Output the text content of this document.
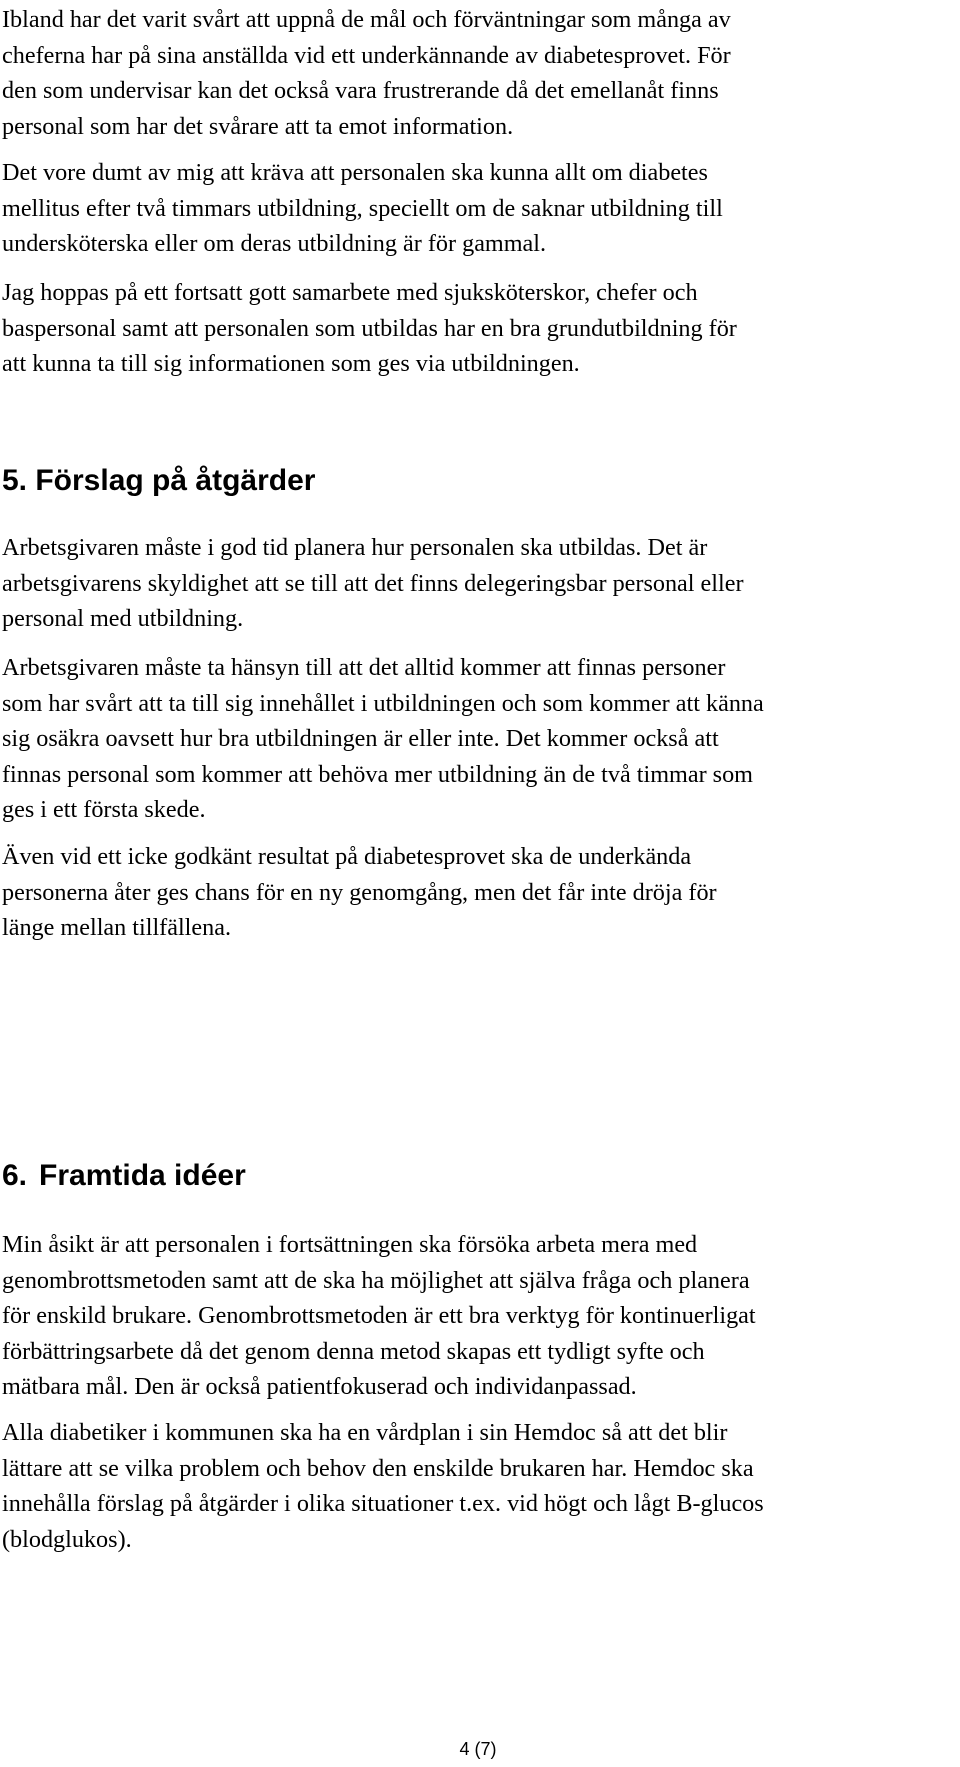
Ibland har det varit svårt att uppnå de mål och förväntningar som många av
cheferna har på sina anställda vid ett underkännande av diabetesprovet. För
den som undervisar kan det också vara frustrerande då det emellanåt finns
personal som har det svårare att ta emot information.

Det vore dumt av mig att kräva att personalen ska kunna allt om diabetes
mellitus efter två timmars utbildning, speciellt om de saknar utbildning till
undersköterska eller om deras utbildning är för gammal.

Jag hoppas på ett fortsatt gott samarbete med sjuksköterskor, chefer och
baspersonal samt att personalen som utbildas har en bra grundutbildning för
att kunna ta till sig informationen som ges via utbildningen.

5. Förslag på åtgärder

Arbetsgivaren måste i god tid planera hur personalen ska utbildas. Det är
arbetsgivarens skyldighet att se till att det finns delegeringsbar personal eller
personal med utbildning.

Arbetsgivaren måste ta hänsyn till att det alltid kommer att finnas personer
som har svårt att ta till sig innehållet i utbildningen och som kommer att känna
sig osäkra oavsett hur bra utbildningen är eller inte. Det kommer också att
finnas personal som kommer att behöva mer utbildning än de två timmar som
ges i ett första skede.

Även vid ett icke godkänt resultat på diabetesprovet ska de underkända
personerna åter ges chans för en ny genomgång, men det får inte dröja för
länge mellan tillfällena.

6. Framtida idéer

Min åsikt är att personalen i fortsättningen ska försöka arbeta mera med
genombrottsmetoden samt att de ska ha möjlighet att själva fråga och planera
för enskild brukare. Genombrottsmetoden är ett bra verktyg för kontinuerligat
förbättringsarbete då det genom denna metod skapas ett tydligt syfte och
mätbara mål. Den är också patientfokuserad och individanpassad.

Alla diabetiker i kommunen ska ha en vårdplan i sin Hemdoc så att det blir
lättare att se vilka problem och behov den enskilde brukaren har. Hemdoc ska
innehålla förslag på åtgärder i olika situationer t.ex. vid högt och lågt B-glucos
(blodglukos).

4 (7)
